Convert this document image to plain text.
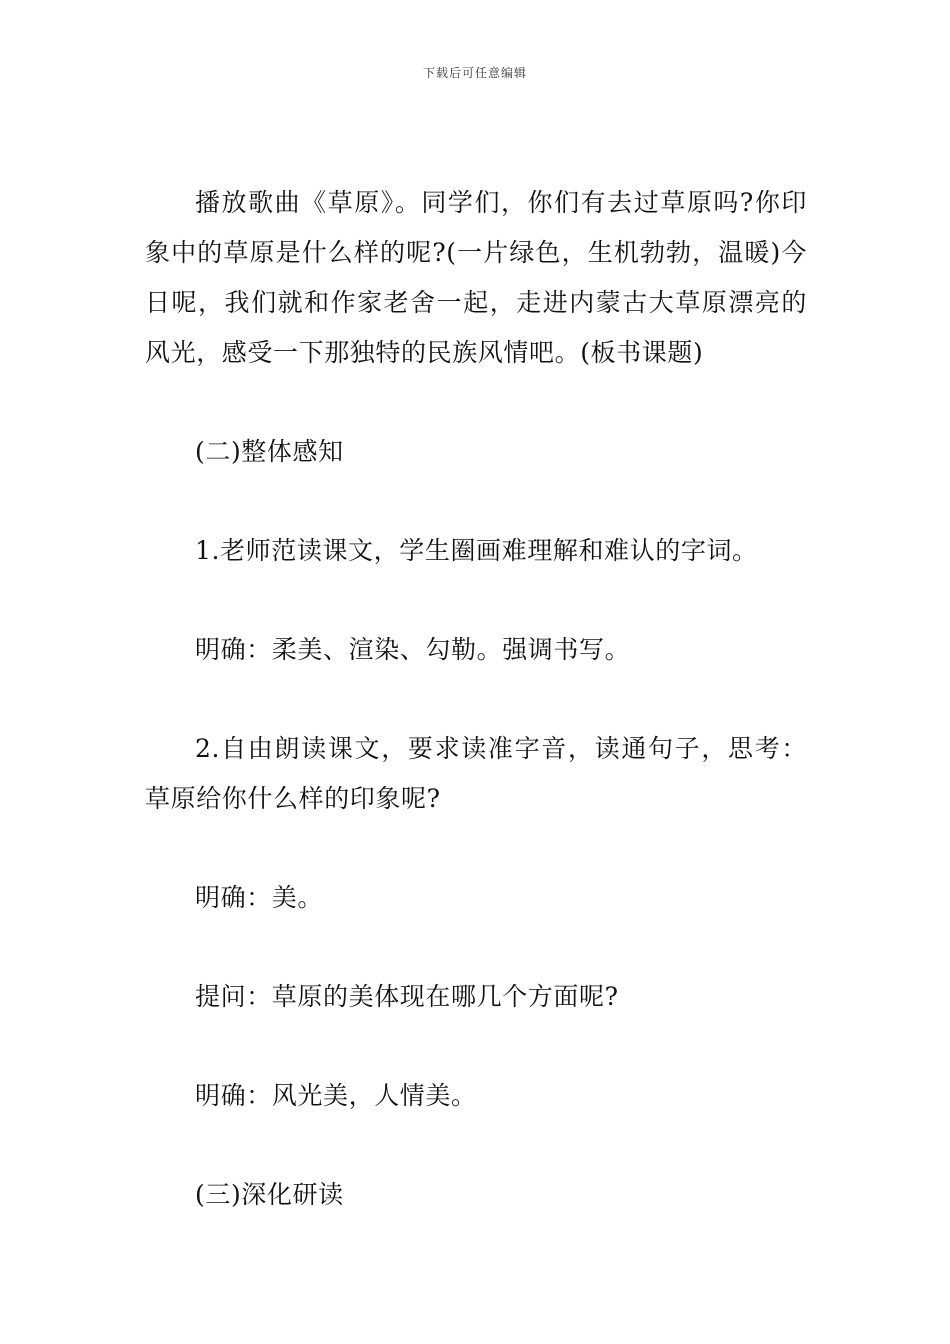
下载后可任意编辑

播放歌曲《草原》。同学们，你们有去过草原吗?你印象中的草原是什么样的呢?(一片绿色，生机勃勃，温暖)今日呢，我们就和作家老舍一起，走进内蒙古大草原漂亮的风光，感受一下那独特的民族风情吧。(板书课题)

(二)整体感知

1.老师范读课文，学生圈画难理解和难认的字词。

明确：柔美、渲染、勾勒。强调书写。

2.自由朗读课文，要求读准字音，读通句子，思考：草原给你什么样的印象呢?

明确：美。

提问：草原的美体现在哪几个方面呢?

明确：风光美，人情美。

(三)深化研读
